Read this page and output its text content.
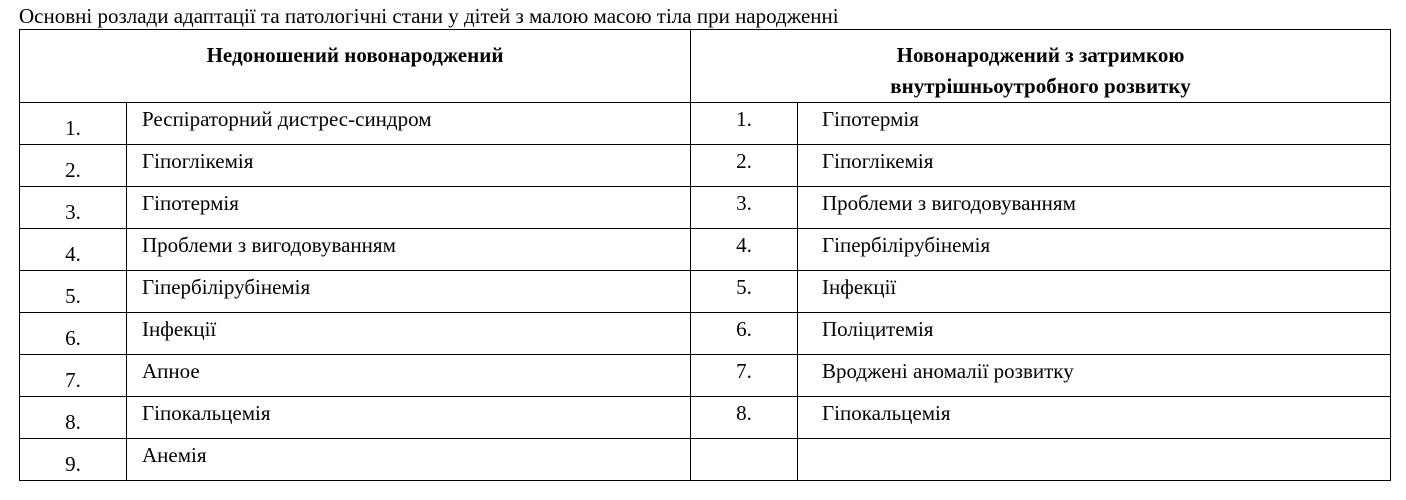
Основні розлади адаптації та патологічні стани у дітей з малою масою тіла при народженні
Недоношений новонароджений		Новонароджений з затримкою
внутрішньоутробного розвитку	

1.	Респіраторний дистрес-синдром	1.	Гіпотермія

2.	Гіпоглікемія	2.	Гіпоглікемія

3.	Гіпотермія	3.	Проблеми з вигодовуванням

4.	Проблеми з вигодовуванням	4.	Гіпербілірубінемія

5.	Гіпербілірубінемія	5.	Інфекції

6.	Інфекції	6.	Поліцитемія

7.	Апное	7.	Вроджені аномалії розвитку

8.	Гіпокальцемія	8.	Гіпокальцемія

9.	Анемія		
